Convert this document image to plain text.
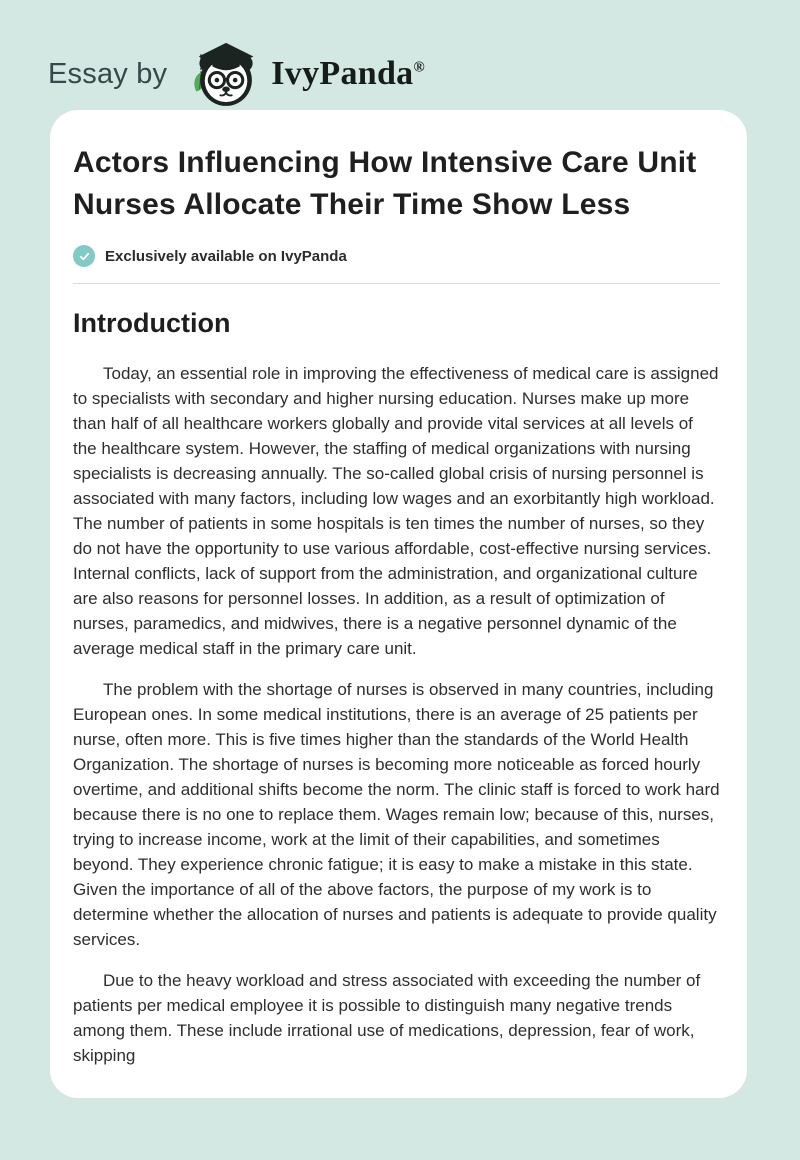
Essay by	IvyPanda®
Actors Influencing How Intensive Care Unit Nurses Allocate Their Time Show Less
Exclusively available on IvyPanda
Introduction

Today, an essential role in improving the effectiveness of medical care is assigned to specialists with secondary and higher nursing education. Nurses make up more than half of all healthcare workers globally and provide vital services at all levels of the healthcare system. However, the staffing of medical organizations with nursing specialists is decreasing annually. The so-called global crisis of nursing personnel is associated with many factors, including low wages and an exorbitantly high workload. The number of patients in some hospitals is ten times the number of nurses, so they do not have the opportunity to use various affordable, cost-effective nursing services. Internal conflicts, lack of support from the administration, and organizational culture are also reasons for personnel losses. In addition, as a result of optimization of nurses, paramedics, and midwives, there is a negative personnel dynamic of the average medical staff in the primary care unit.

The problem with the shortage of nurses is observed in many countries, including European ones. In some medical institutions, there is an average of 25 patients per nurse, often more. This is five times higher than the standards of the World Health Organization. The shortage of nurses is becoming more noticeable as forced hourly overtime, and additional shifts become the norm. The clinic staff is forced to work hard because there is no one to replace them. Wages remain low; because of this, nurses, trying to increase income, work at the limit of their capabilities, and sometimes beyond. They experience chronic fatigue; it is easy to make a mistake in this state. Given the importance of all of the above factors, the purpose of my work is to determine whether the allocation of nurses and patients is adequate to provide quality services.

Due to the heavy workload and stress associated with exceeding the number of patients per medical employee it is possible to distinguish many negative trends among them. These include irrational use of medications, depression, fear of work, skipping
